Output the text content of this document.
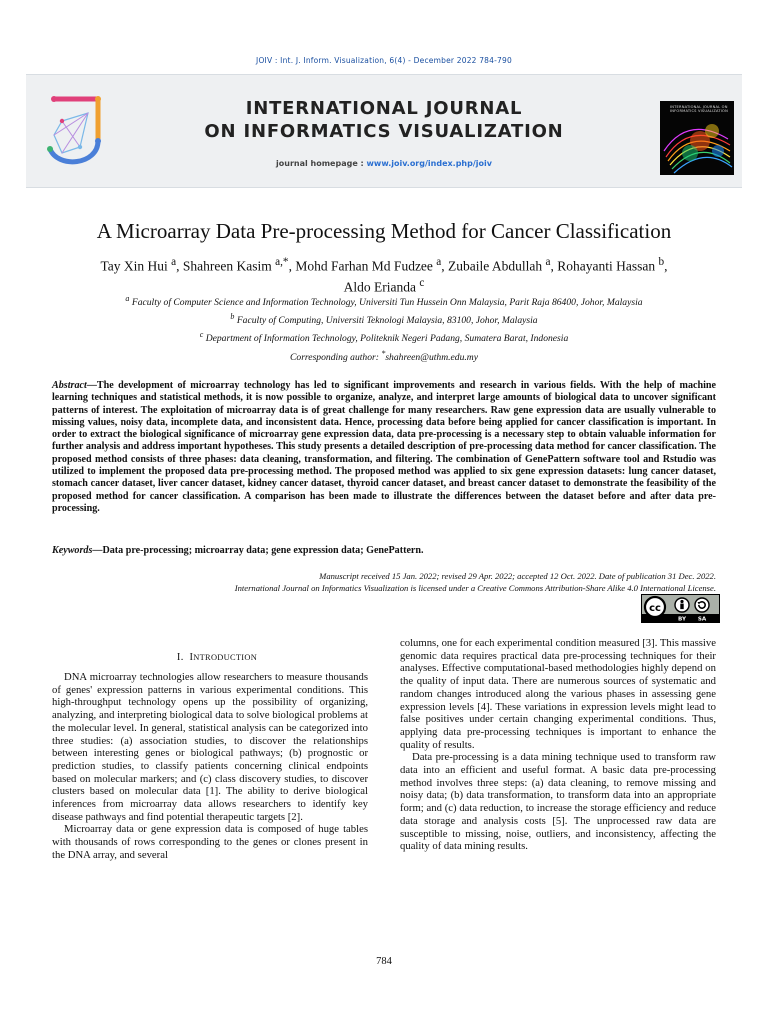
JOIV : Int. J. Inform. Visualization, 6(4) - December 2022 784-790
INTERNATIONAL JOURNAL
ON INFORMATICS VISUALIZATION
journal homepage : www.joiv.org/index.php/joiv
INTERNATIONAL JOURNAL ON INFORMATICS VISUALIZATION
A Microarray Data Pre-processing Method for Cancer Classification
Tay Xin Hui $^a$, Shahreen Kasim $^{a,*}$, Mohd Farhan Md Fudzee $^a$, Zubaile Abdullah $^a$, Rohayanti Hassan $^b$,
Aldo Erianda $^c$
$^a$ Faculty of Computer Science and Information Technology, Universiti Tun Hussein Onn Malaysia, Parit Raja 86400, Johor, Malaysia
$^b$ Faculty of Computing, Universiti Teknologi Malaysia, 83100, Johor, Malaysia
$^c$ Department of Information Technology, Politeknik Negeri Padang, Sumatera Barat, Indonesia
Corresponding author: *shahreen@uthm.edu.my
Abstract—The development of microarray technology has led to significant improvements and research in various fields. With the help of machine learning techniques and statistical methods, it is now possible to organize, analyze, and interpret large amounts of biological data to uncover significant patterns of interest. The exploitation of microarray data is of great challenge for many researchers. Raw gene expression data are usually vulnerable to missing values, noisy data, incomplete data, and inconsistent data. Hence, processing data before being applied for cancer classification is important. In order to extract the biological significance of microarray gene expression data, data pre-processing is a necessary step to obtain valuable information for further analysis and address important hypotheses. This study presents a detailed description of pre-processing data method for cancer classification. The proposed method consists of three phases: data cleaning, transformation, and filtering. The combination of GenePattern software tool and Rstudio was utilized to implement the proposed data pre-processing method. The proposed method was applied to six gene expression datasets: lung cancer dataset, stomach cancer dataset, liver cancer dataset, kidney cancer dataset, thyroid cancer dataset, and breast cancer dataset to demonstrate the feasibility of the proposed method for cancer classification. A comparison has been made to illustrate the differences between the dataset before and after data pre-processing.
Keywords—Data pre-processing; microarray data; gene expression data; GenePattern.
Manuscript received 15 Jan. 2022; revised 29 Apr. 2022; accepted 12 Oct. 2022. Date of publication 31 Dec. 2022.
International Journal on Informatics Visualization is licensed under a Creative Commons Attribution-Share Alike 4.0 International License.
cc
BY SA
I. INTRODUCTION

DNA microarray technologies allow researchers to measure thousands of genes' expression patterns in various experimental conditions. This high-throughput technology opens up the possibility of organizing, analyzing, and interpreting biological data to solve biological problems at the molecular level. In general, statistical analysis can be categorized into three studies: (a) association studies, to discover the relationships between interesting genes or biological pathways; (b) prognostic or prediction studies, to classify patients concerning clinical endpoints based on molecular markers; and (c) class discovery studies, to discover clusters based on molecular data [1]. The ability to derive biological inferences from microarray data allows researchers to identify key disease pathways and find potential therapeutic targets [2].

Microarray data or gene expression data is composed of huge tables with thousands of rows corresponding to the genes or clones present in the DNA array, and several

columns, one for each experimental condition measured [3]. This massive genomic data requires practical data pre-processing techniques for their analyses. Effective computational-based methodologies highly depend on the quality of input data. There are numerous sources of systematic and random changes introduced along the various phases in assessing gene expression levels [4]. These variations in expression levels might lead to false positives under certain changing experimental conditions. Thus, applying data pre-processing techniques is important to enhance the quality of results.

Data pre-processing is a data mining technique used to transform raw data into an efficient and useful format. A basic data pre-processing method involves three steps: (a) data cleaning, to remove missing and noisy data; (b) data transformation, to transform data into an appropriate form; and (c) data reduction, to increase the storage efficiency and reduce data storage and analysis costs [5]. The unprocessed raw data are susceptible to missing, noise, outliers, and inconsistency, affecting the quality of data mining results.

784
